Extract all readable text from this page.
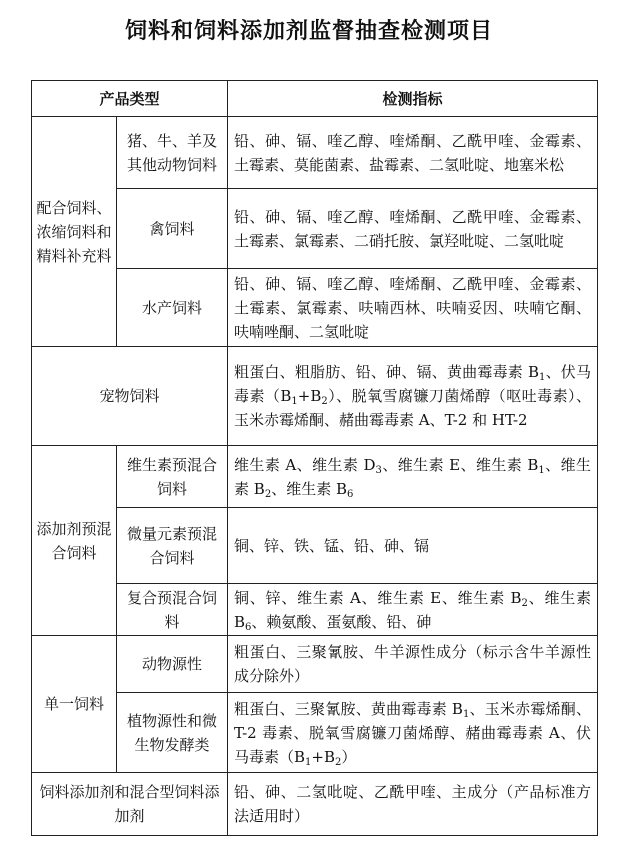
饲料和饲料添加剂监督抽查检测项目
产品类型		检测指标
配合饲料、浓缩饲料和精料补充料	猪、牛、羊及其他动物饲料	铅、砷、镉、喹乙醇、喹烯酮、乙酰甲喹、金霉素、土霉素、莫能菌素、盐霉素、二氢吡啶、地塞米松
	禽饲料	铅、砷、镉、喹乙醇、喹烯酮、乙酰甲喹、金霉素、土霉素、氯霉素、二硝托胺、氯羟吡啶、二氢吡啶
	水产饲料	铅、砷、镉、喹乙醇、喹烯酮、乙酰甲喹、金霉素、土霉素、氯霉素、呋喃西林、呋喃妥因、呋喃它酮、呋喃唑酮、二氢吡啶
宠物饲料		粗蛋白、粗脂肪、铅、砷、镉、黄曲霉毒素 $B_1$、伏马毒素$(B_1+B_2)$、脱氧雪腐镰刀菌烯醇（呕吐毒素）、玉米赤霉烯酮、赭曲霉毒素 A、T-2 和 HT-2
添加剂预混合饲料	维生素预混合饲料	维生素 A、维生素 $D_3$、维生素 E、维生素 $B_1$、维生素 $B_2$、维生素 $B_6$
	微量元素预混合饲料	铜、锌、铁、锰、铅、砷、镉
	复合预混合饲料	铜、锌、维生素 A、维生素 E、维生素 $B_2$、维生素 $B_6$、赖氨酸、蛋氨酸、铅、砷
单一饲料	动物源性	粗蛋白、三聚氰胺、牛羊源性成分（标示含牛羊源性成分除外）
	植物源性和微生物发酵类	粗蛋白、三聚氰胺、黄曲霉毒素 $B_1$、玉米赤霉烯酮、T-2 毒素、脱氧雪腐镰刀菌烯醇、赭曲霉毒素 A、伏马毒素$(B_1+B_2)$
饲料添加剂和混合型饲料添加剂		铅、砷、二氢吡啶、乙酰甲喹、主成分（产品标准方法适用时）
